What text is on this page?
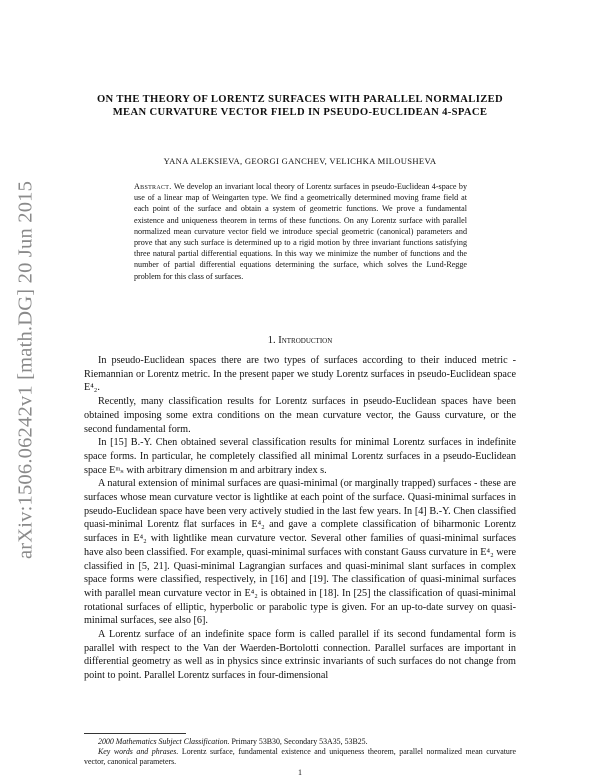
arXiv:1506.06242v1 [math.DG] 20 Jun 2015
ON THE THEORY OF LORENTZ SURFACES WITH PARALLEL NORMALIZED MEAN CURVATURE VECTOR FIELD IN PSEUDO-EUCLIDEAN 4-SPACE
YANA ALEKSIEVA, GEORGI GANCHEV, VELICHKA MILOUSHEVA
Abstract. We develop an invariant local theory of Lorentz surfaces in pseudo-Euclidean 4-space by use of a linear map of Weingarten type. We find a geometrically determined moving frame field at each point of the surface and obtain a system of geometric functions. We prove a fundamental existence and uniqueness theorem in terms of these functions. On any Lorentz surface with parallel normalized mean curvature vector field we introduce special geometric (canonical) parameters and prove that any such surface is determined up to a rigid motion by three invariant functions satisfying three natural partial differential equations. In this way we minimize the number of functions and the number of partial differential equations determining the surface, which solves the Lund-Regge problem for this class of surfaces.
1. Introduction

In pseudo-Euclidean spaces there are two types of surfaces according to their induced metric - Riemannian or Lorentz metric. In the present paper we study Lorentz surfaces in pseudo-Euclidean space E⁴₂.

Recently, many classification results for Lorentz surfaces in pseudo-Euclidean spaces have been obtained imposing some extra conditions on the mean curvature vector, the Gauss curvature, or the second fundamental form.

In [15] B.-Y. Chen obtained several classification results for minimal Lorentz surfaces in indefinite space forms. In particular, he completely classified all minimal Lorentz surfaces in a pseudo-Euclidean space Eᵐₛ with arbitrary dimension m and arbitrary index s.

A natural extension of minimal surfaces are quasi-minimal (or marginally trapped) surfaces - these are surfaces whose mean curvature vector is lightlike at each point of the surface. Quasi-minimal surfaces in pseudo-Euclidean space have been very actively studied in the last few years. In [4] B.-Y. Chen classified quasi-minimal Lorentz flat surfaces in E⁴₂ and gave a complete classification of biharmonic Lorentz surfaces in E⁴₂ with lightlike mean curvature vector. Several other families of quasi-minimal surfaces have also been classified. For example, quasi-minimal surfaces with constant Gauss curvature in E⁴₂ were classified in [5, 21]. Quasi-minimal Lagrangian surfaces and quasi-minimal slant surfaces in complex space forms were classified, respectively, in [16] and [19]. The classification of quasi-minimal surfaces with parallel mean curvature vector in E⁴₂ is obtained in [18]. In [25] the classification of quasi-minimal rotational surfaces of elliptic, hyperbolic or parabolic type is given. For an up-to-date survey on quasi-minimal surfaces, see also [6].

A Lorentz surface of an indefinite space form is called parallel if its second fundamental form is parallel with respect to the Van der Waerden-Bortolotti connection. Parallel surfaces are important in differential geometry as well as in physics since extrinsic invariants of such surfaces do not change from point to point. Parallel Lorentz surfaces in four-dimensional

2000 Mathematics Subject Classification. Primary 53B30, Secondary 53A35, 53B25.

Key words and phrases. Lorentz surface, fundamental existence and uniqueness theorem, parallel normalized mean curvature vector, canonical parameters.

1
